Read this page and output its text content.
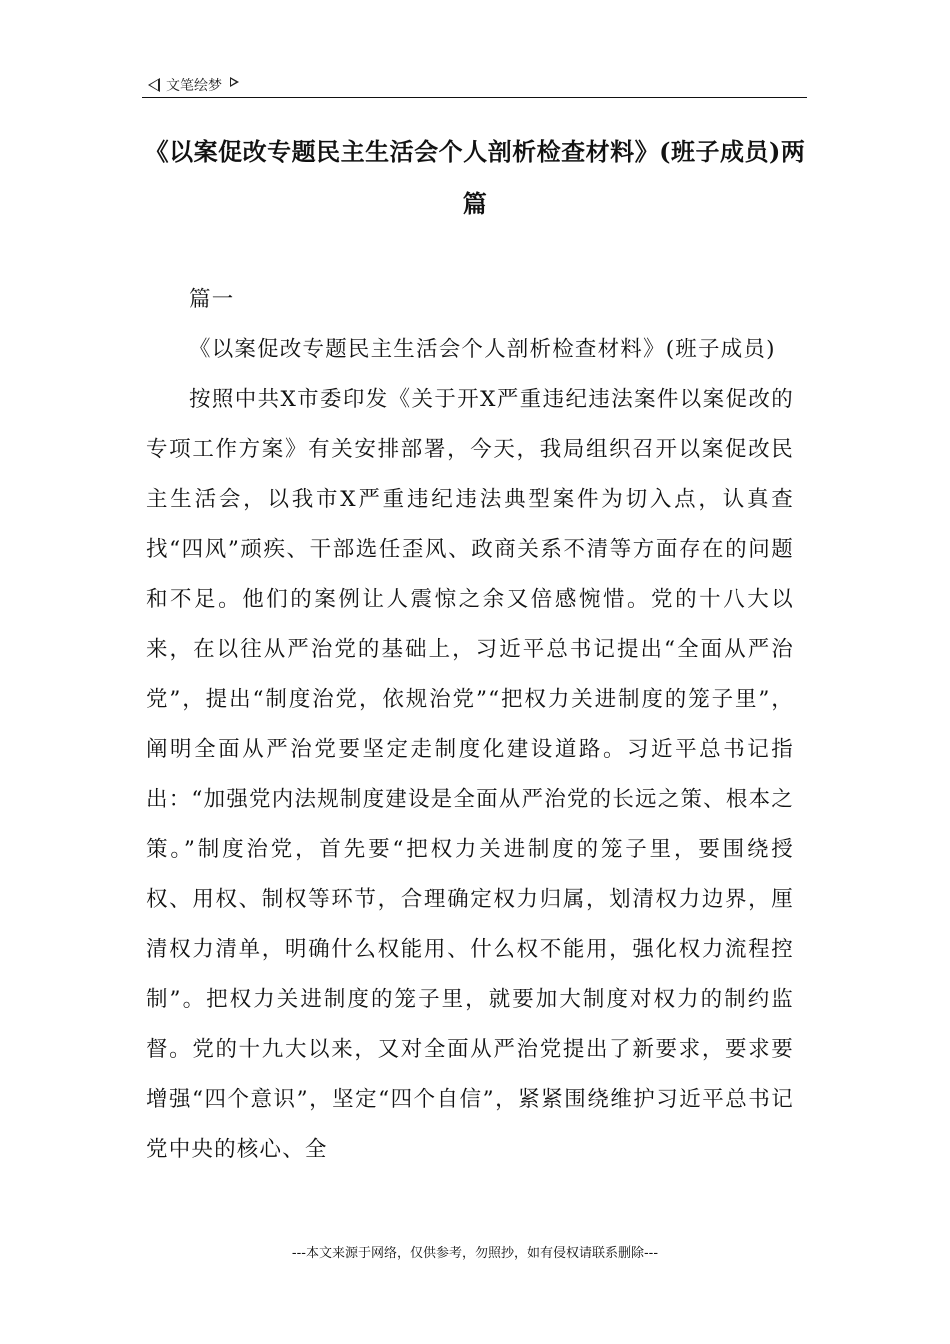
文笔绘梦
《以案促改专题民主生活会个人剖析检查材料》(班子成员)两篇

篇一

《以案促改专题民主生活会个人剖析检查材料》(班子成员)

按照中共X市委印发《关于开X严重违纪违法案件以案促改的专项工作方案》有关安排部署，今天，我局组织召开以案促改民主生活会，以我市X严重违纪违法典型案件为切入点，认真查找“四风”顽疾、干部选任歪风、政商关系不清等方面存在的问题和不足。他们的案例让人震惊之余又倍感惋惜。党的十八大以来，在以往从严治党的基础上，习近平总书记提出“全面从严治党”，提出“制度治党，依规治党”“把权力关进制度的笼子里”，阐明全面从严治党要坚定走制度化建设道路。习近平总书记指出：“加强党内法规制度建设是全面从严治党的长远之策、根本之策。”制度治党，首先要“把权力关进制度的笼子里，要围绕授权、用权、制权等环节，合理确定权力归属，划清权力边界，厘清权力清单，明确什么权能用、什么权不能用，强化权力流程控制”。把权力关进制度的笼子里，就要加大制度对权力的制约监督。党的十九大以来，又对全面从严治党提出了新要求，要求要增强“四个意识”，坚定“四个自信”，紧紧围绕维护习近平总书记党中央的核心、全

---本文来源于网络，仅供参考，勿照抄，如有侵权请联系删除---
